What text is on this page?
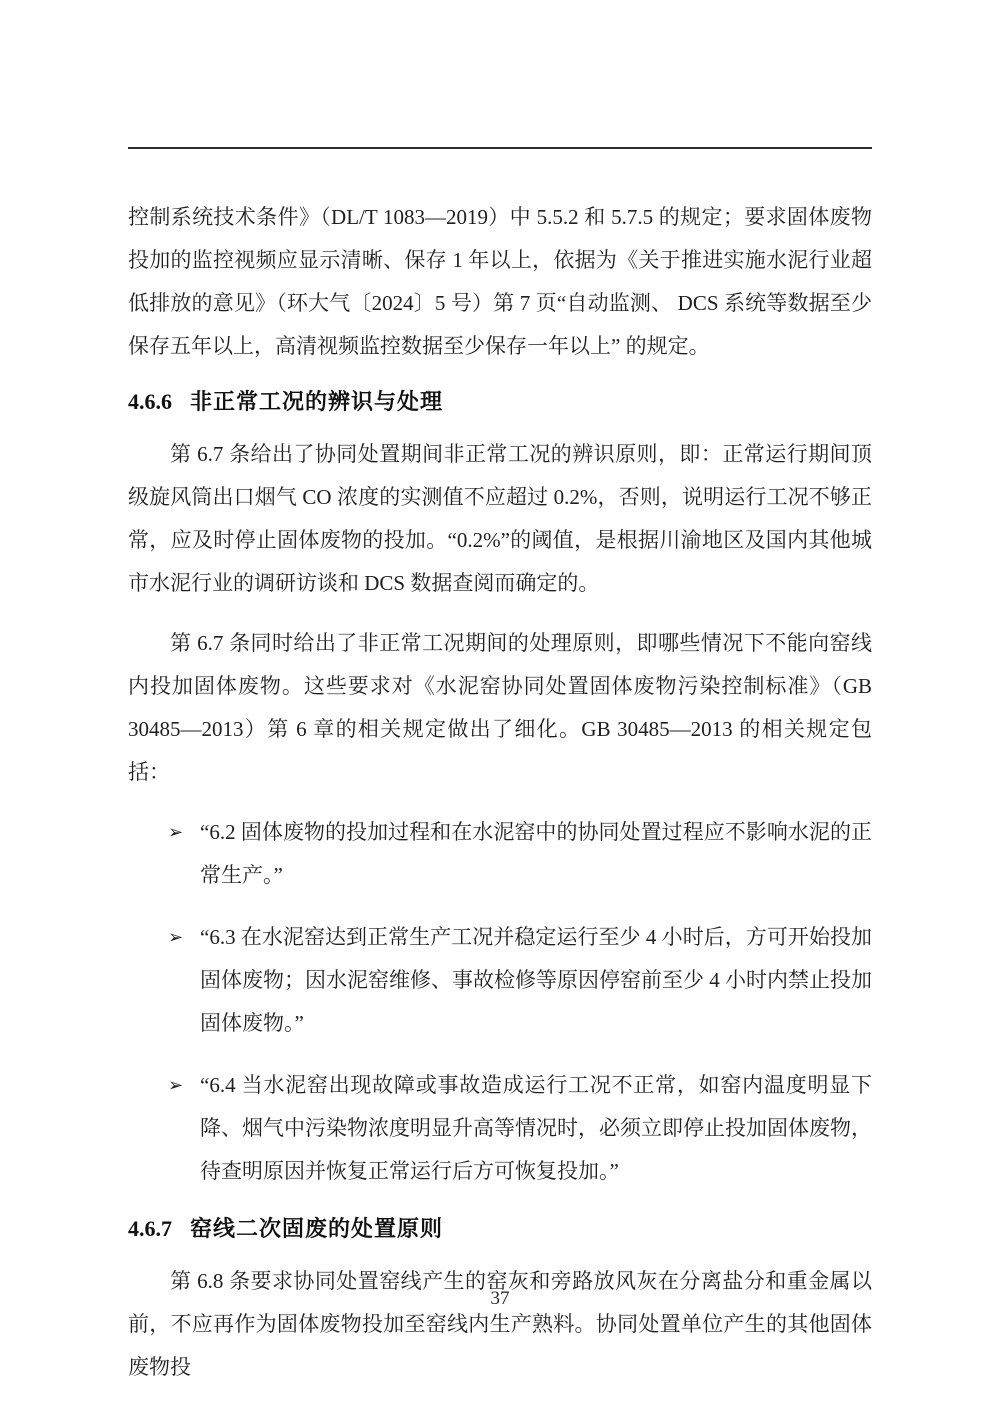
控制系统技术条件》（DL/T 1083—2019）中 5.5.2 和 5.7.5 的规定；要求固体废物投加的监控视频应显示清晰、保存 1 年以上，依据为《关于推进实施水泥行业超低排放的意见》（环大气〔2024〕5 号）第 7 页“自动监测、 DCS 系统等数据至少保存五年以上，高清视频监控数据至少保存一年以上” 的规定。

4.6.6 非正常工况的辨识与处理

第 6.7 条给出了协同处置期间非正常工况的辨识原则，即：正常运行期间顶级旋风筒出口烟气 CO 浓度的实测值不应超过 0.2%，否则，说明运行工况不够正常，应及时停止固体废物的投加。“0.2%”的阈值，是根据川渝地区及国内其他城市水泥行业的调研访谈和 DCS 数据查阅而确定的。

第 6.7 条同时给出了非正常工况期间的处理原则，即哪些情况下不能向窑线内投加固体废物。这些要求对《水泥窑协同处置固体废物污染控制标准》（GB 30485—2013）第 6 章的相关规定做出了细化。GB 30485—2013 的相关规定包括：

➢ “6.2 固体废物的投加过程和在水泥窑中的协同处置过程应不影响水泥的正常生产。”
➢ “6.3 在水泥窑达到正常生产工况并稳定运行至少 4 小时后，方可开始投加固体废物；因水泥窑维修、事故检修等原因停窑前至少 4 小时内禁止投加固体废物。”
➢ “6.4 当水泥窑出现故障或事故造成运行工况不正常，如窑内温度明显下降、烟气中污染物浓度明显升高等情况时，必须立即停止投加固体废物，待查明原因并恢复正常运行后方可恢复投加。”
4.6.7 窑线二次固废的处置原则

第 6.8 条要求协同处置窑线产生的窑灰和旁路放风灰在分离盐分和重金属以前，不应再作为固体废物投加至窑线内生产熟料。协同处置单位产生的其他固体废物投

37
